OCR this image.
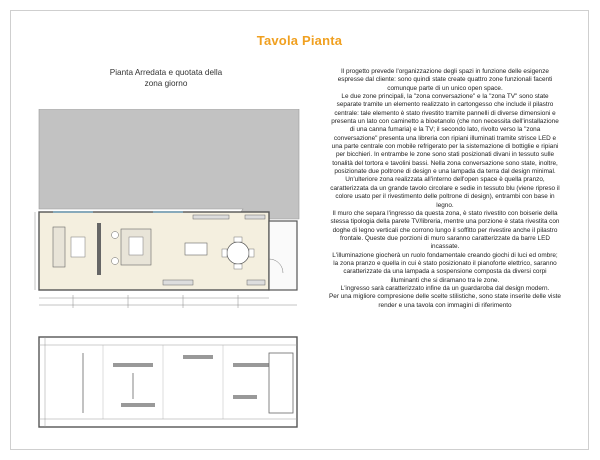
Tavola Pianta
Pianta Arredata e quotata della zona giorno

Il progetto prevede l'organizzazione degli spazi in funzione delle esigenze espresse dal cliente: sono quindi state create quattro zone funzionali facenti comunque parte di un unico open space.

Le due zone principali, la "zona conversazione" e la "zona TV" sono state separate tramite un elemento realizzato in cartongesso che include il pilastro centrale: tale elemento è stato rivestito tramite pannelli di diverse dimensioni e presenta un lato con caminetto a bioetanolo (che non necessita dell'installazione di una canna fumaria) e la TV; il secondo lato, rivolto verso la "zona conversazione" presenta una libreria con ripiani illuminati tramite strisce LED e una parte centrale con mobile refrigerato per la sistemazione di bottiglie e ripiani per bicchieri. In entrambe le zone sono stati posizionati divani in tessuto sulle tonalità del tortora e tavolini bassi. Nella zona conversazione sono state, inoltre, posizionate due poltrone di design e una lampada da terra dal design minimal.

Un'ulteriore zona realizzata all'interno dell'open space è quella pranzo, caratterizzata da un grande tavolo circolare e sedie in tessuto blu (viene ripreso il colore usato per il rivestimento delle poltrone di design), entrambi con base in legno.

Il muro che separa l'ingresso da questa zona, è stato rivestito con boiserie della stessa tipologia della parete TV/libreria, mentre una porzione è stata rivestita con doghe di legno verticali che corrono lungo il soffitto per rivestire anche il pilastro frontale. Queste due porzioni di muro saranno caratterizzate da barre LED incassate.

L'illuminazione giocherà un ruolo fondamentale creando giochi di luci ed ombre; la zona pranzo e quella in cui è stato posizionato il pianoforte elettrico, saranno caratterizzate da una lampada a sospensione composta da diversi corpi illuminanti che si diramano tra le zone.

L'ingresso sarà caratterizzato infine da un guardaroba dal design modern.

Per una migliore compresione delle scelte stilistiche, sono state inserite delle viste render e una tavola con immagini di riferimento
